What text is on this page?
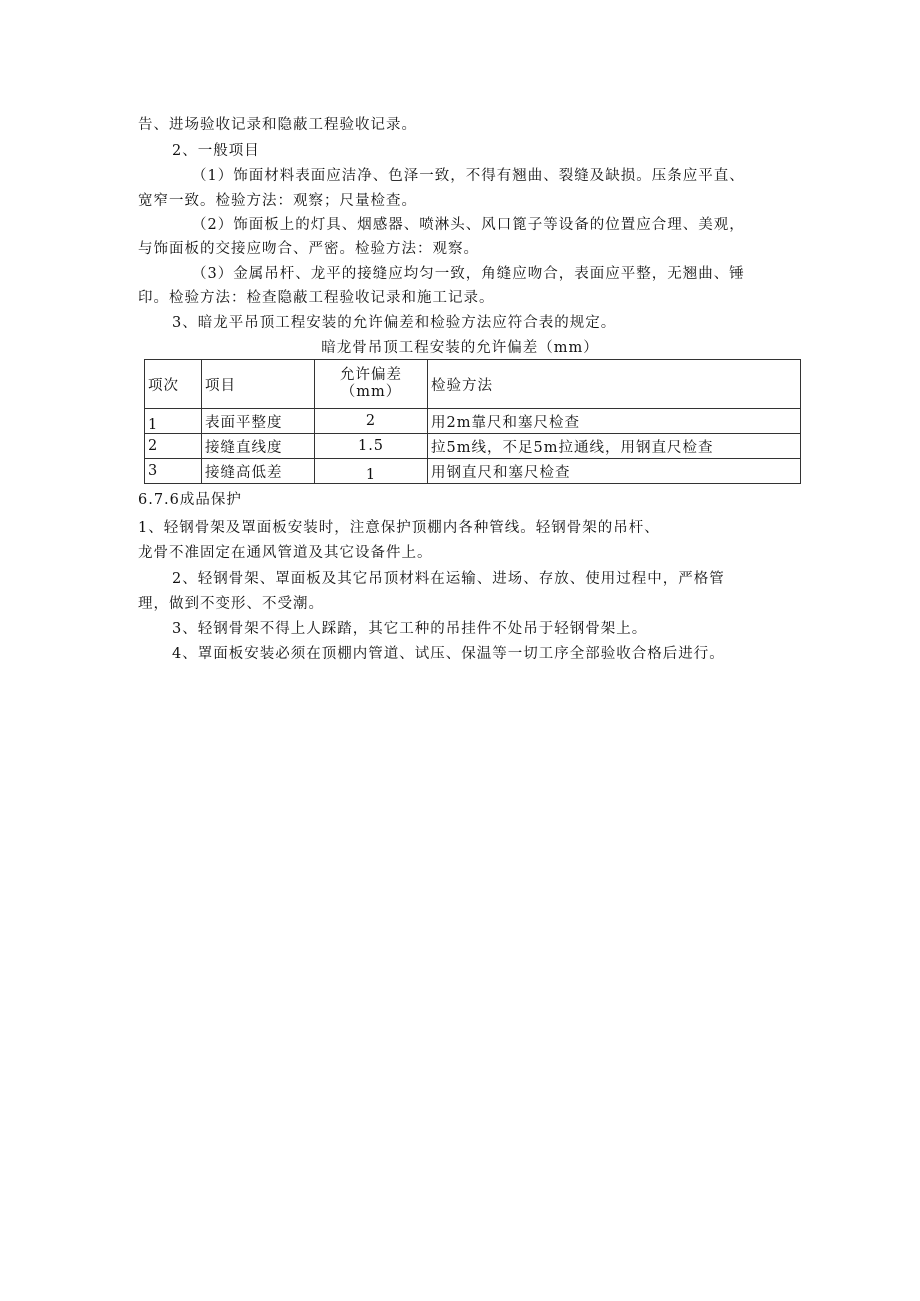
告、进场验收记录和隐蔽工程验收记录。
2、一般项目
（1）饰面材料表面应洁净、色泽一致，不得有翘曲、裂缝及缺损。压条应平直、
宽窄一致。检验方法：观察；尺量检查。
（2）饰面板上的灯具、烟感器、喷淋头、风口篦子等设备的位置应合理、美观，
与饰面板的交接应吻合、严密。检验方法：观察。
（3）金属吊杆、龙平的接缝应均匀一致，角缝应吻合，表面应平整，无翘曲、锤
印。检验方法：检查隐蔽工程验收记录和施工记录。
3、暗龙平吊顶工程安装的允许偏差和检验方法应符合表的规定。
暗龙骨吊顶工程安装的允许偏差（mm）
项次	项目	允许偏差（mm）	检验方法
1	表面平整度	2	用2m靠尺和塞尺检查
2	接缝直线度	1.5	拉5m线，不足5m拉通线，用钢直尺检查
3	接缝高低差	1	用钢直尺和塞尺检查
6.7.6成品保护
1、轻钢骨架及罩面板安装时，注意保护顶棚内各种管线。轻钢骨架的吊杆、
龙骨不准固定在通风管道及其它设备件上。
2、轻钢骨架、罩面板及其它吊顶材料在运输、进场、存放、使用过程中，严格管
理，做到不变形、不受潮。
3、轻钢骨架不得上人踩踏，其它工种的吊挂件不处吊于轻钢骨架上。
4、罩面板安装必须在顶棚内管道、试压、保温等一切工序全部验收合格后进行。
